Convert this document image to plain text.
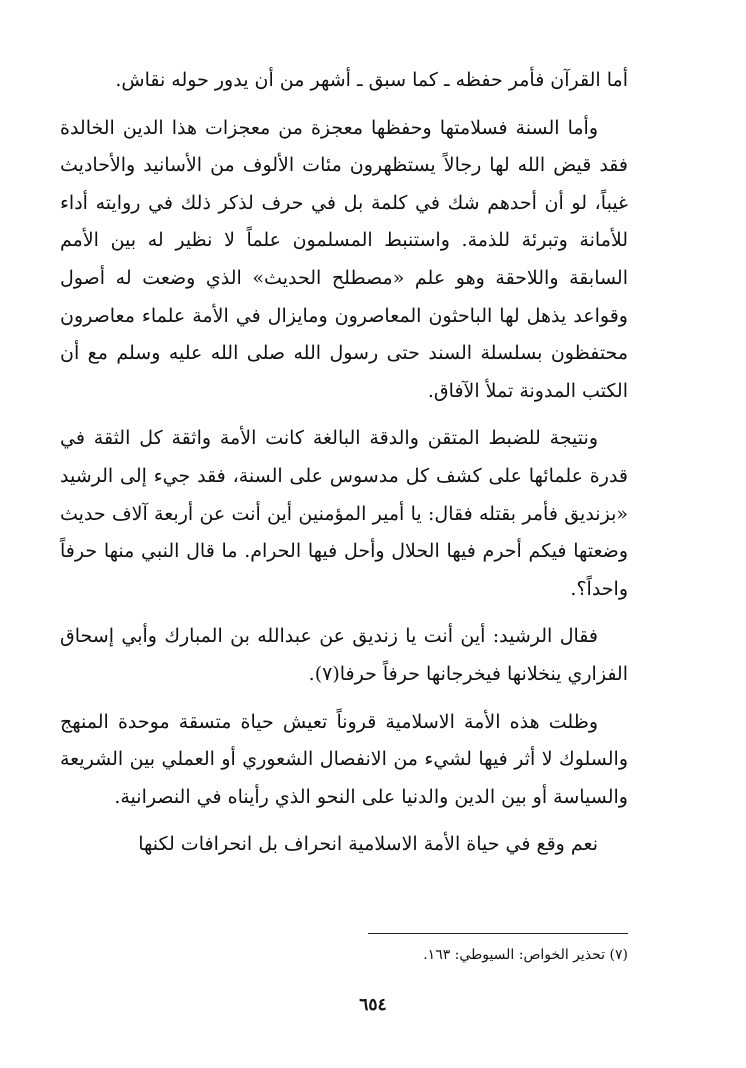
أما القرآن فأمر حفظه ـ كما سبق ـ أشهر من أن يدور حوله نقاش.

وأما السنة فسلامتها وحفظها معجزة من معجزات هذا الدين الخالدة فقد قيض الله لها رجالاً يستظهرون مئات الألوف من الأسانيد والأحاديث غيباً، لو أن أحدهم شك في كلمة بل في حرف لذكر ذلك في روايته أداء للأمانة وتبرئة للذمة. واستنبط المسلمون علماً لا نظير له بين الأمم السابقة واللاحقة وهو علم «مصطلح الحديث» الذي وضعت له أصول وقواعد يذهل لها الباحثون المعاصرون ومايزال في الأمة علماء معاصرون محتفظون بسلسلة السند حتى رسول الله صلى الله عليه وسلم مع أن الكتب المدونة تملأ الآفاق.

ونتيجة للضبط المتقن والدقة البالغة كانت الأمة واثقة كل الثقة في قدرة علمائها على كشف كل مدسوس على السنة، فقد جيء إلى الرشيد «بزنديق فأمر بقتله فقال: يا أمير المؤمنين أين أنت عن أربعة آلاف حديث وضعتها فيكم أحرم فيها الحلال وأحل فيها الحرام. ما قال النبي منها حرفاً واحداً؟.

فقال الرشيد: أين أنت يا زنديق عن عبدالله بن المبارك وأبي إسحاق الفزاري ينخلانها فيخرجانها حرفاً حرفا(٧).

وظلت هذه الأمة الاسلامية قروناً تعيش حياة متسقة موحدة المنهج والسلوك لا أثر فيها لشيء من الانفصال الشعوري أو العملي بين الشريعة والسياسة أو بين الدين والدنيا على النحو الذي رأيناه في النصرانية.

نعم وقع في حياة الأمة الاسلامية انحراف بل انحرافات لكنها

(٧) تحذير الخواص: السيوطي: ١٦٣.
٦٥٤
